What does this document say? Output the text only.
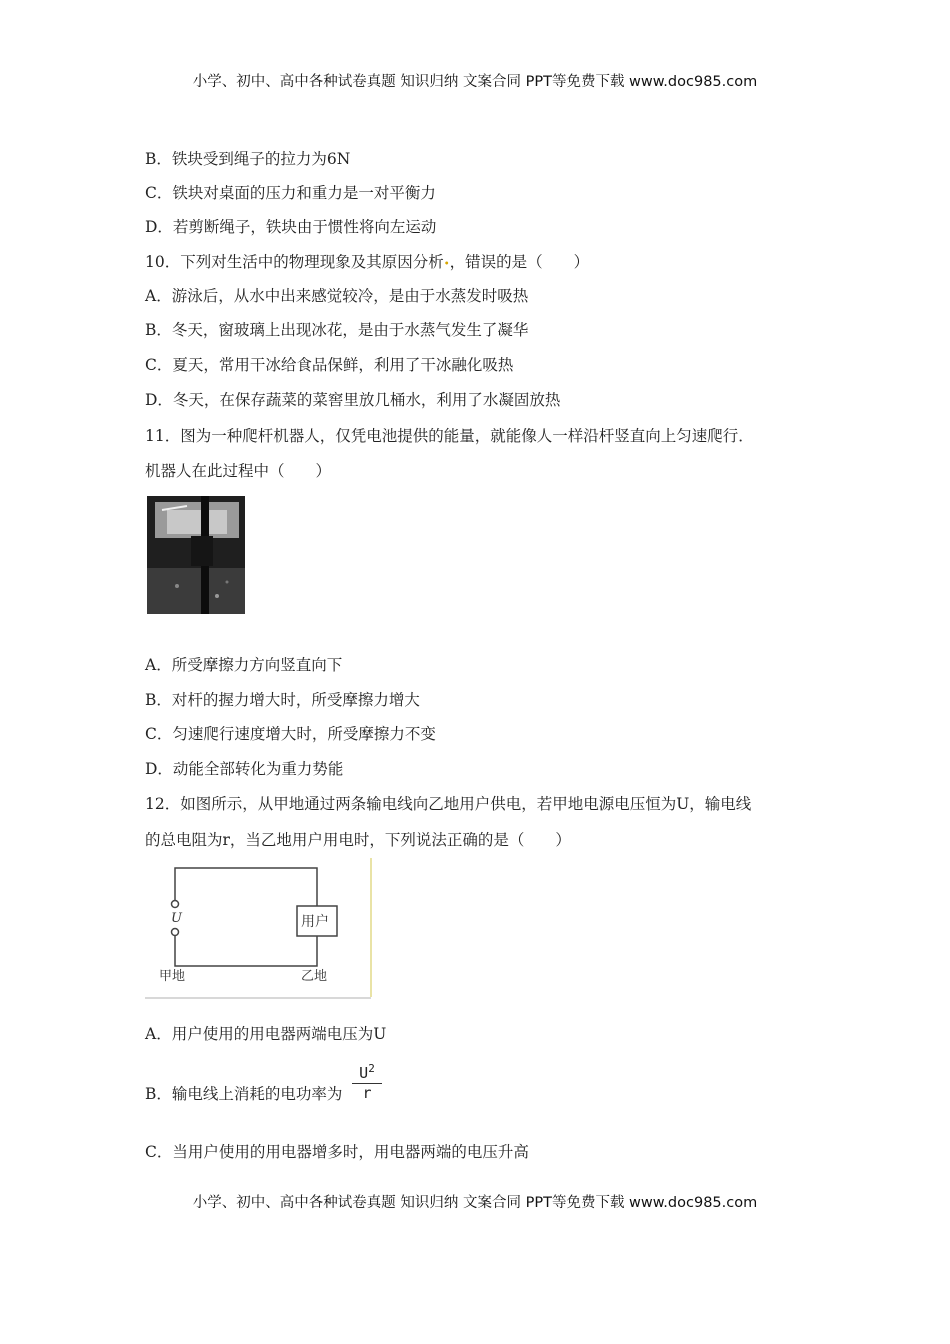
小学、初中、高中各种试卷真题 知识归纳 文案合同 PPT等免费下载 www.doc985.com
B．铁块受到绳子的拉力为6N
C．铁块对桌面的压力和重力是一对平衡力
D．若剪断绳子，铁块由于惯性将向左运动
10．下列对生活中的物理现象及其原因分析•，错误的是（　　）
A．游泳后，从水中出来感觉较冷，是由于水蒸发时吸热
B．冬天，窗玻璃上出现冰花，是由于水蒸气发生了凝华
C．夏天，常用干冰给食品保鲜，利用了干冰融化吸热
D．冬天，在保存蔬菜的菜窖里放几桶水，利用了水凝固放热
11．图为一种爬杆机器人，仅凭电池提供的能量，就能像人一样沿杆竖直向上匀速爬行．
机器人在此过程中（　　）
A．所受摩擦力方向竖直向下
B．对杆的握力增大时，所受摩擦力增大
C．匀速爬行速度增大时，所受摩擦力不变
D．动能全部转化为重力势能
12．如图所示，从甲地通过两条输电线向乙地用户供电，若甲地电源电压恒为U，输电线
的总电阻为r，当乙地用户用电时，下列说法正确的是（　　）
U	用户
甲地	乙地
A．用户使用的用电器两端电压为U
B．输电线上消耗的电功率为 $\frac{U^2}{r}$
C．当用户使用的用电器增多时，用电器两端的电压升高
小学、初中、高中各种试卷真题 知识归纳 文案合同 PPT等免费下载 www.doc985.com
